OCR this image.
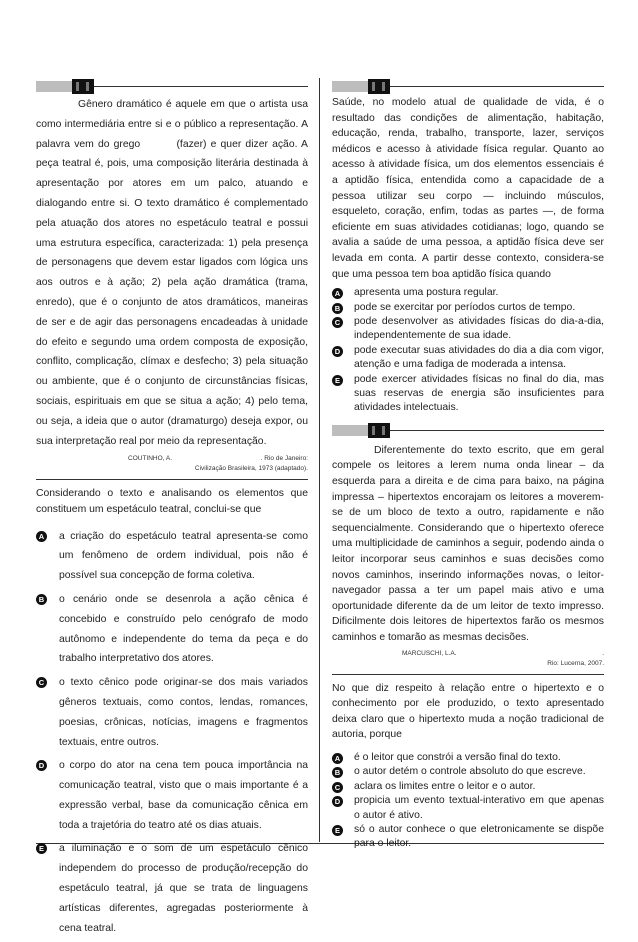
Gênero dramático é aquele em que o artista usa como intermediária entre si e o público a representação. A palavra vem do grego	(fazer) e quer dizer ação. A peça teatral é, pois, uma composição literária destinada à apresentação por atores em um palco, atuando e dialogando entre si. O texto dramático é complementado pela atuação dos atores no espetáculo teatral e possui uma estrutura específica, caracterizada: 1) pela presença de personagens que devem estar ligados com lógica uns aos outros e à ação; 2) pela ação dramática (trama, enredo), que é o conjunto de atos dramáticos, maneiras de ser e de agir das personagens encadeadas à unidade do efeito e segundo uma ordem composta de exposição, conflito, complicação, clímax e desfecho; 3) pela situação ou ambiente, que é o conjunto de circunstâncias físicas, sociais, espirituais em que se situa a ação; 4) pelo tema, ou seja, a ideia que o autor (dramaturgo) deseja expor, ou sua interpretação real por meio da representação.

COUTINHO, A.	. Rio de Janeiro:
Civilização Brasileira, 1973 (adaptado).

Considerando o texto e analisando os elementos que constituem um espetáculo teatral, conclui-se que

A a criação do espetáculo teatral apresenta-se como um fenômeno de ordem individual, pois não é possível sua concepção de forma coletiva.
B o cenário onde se desenrola a ação cênica é concebido e construído pelo cenógrafo de modo autônomo e independente do tema da peça e do trabalho interpretativo dos atores.
C o texto cênico pode originar-se dos mais variados gêneros textuais, como contos, lendas, romances, poesias, crônicas, notícias, imagens e fragmentos textuais, entre outros.
D o corpo do ator na cena tem pouca importância na comunicação teatral, visto que o mais importante é a expressão verbal, base da comunicação cênica em toda a trajetória do teatro até os dias atuais.
E a iluminação e o som de um espetáculo cênico independem do processo de produção/recepção do espetáculo teatral, já que se trata de linguagens artísticas diferentes, agregadas posteriormente à cena teatral.

Saúde, no modelo atual de qualidade de vida, é o resultado das condições de alimentação, habitação, educação, renda, trabalho, transporte, lazer, serviços médicos e acesso à atividade física regular. Quanto ao acesso à atividade física, um dos elementos essenciais é a aptidão física, entendida como a capacidade de a pessoa utilizar seu corpo — incluindo músculos, esqueleto, coração, enfim, todas as partes —, de forma eficiente em suas atividades cotidianas; logo, quando se avalia a saúde de uma pessoa, a aptidão física deve ser levada em conta. A partir desse contexto, considera-se que uma pessoa tem boa aptidão física quando

A apresenta uma postura regular.
B pode se exercitar por períodos curtos de tempo.
C pode desenvolver as atividades físicas do dia-a-dia, independentemente de sua idade.
D pode executar suas atividades do dia a dia com vigor, atenção e uma fadiga de moderada a intensa.
E pode exercer atividades físicas no final do dia, mas suas reservas de energia são insuficientes para atividades intelectuais.

Diferentemente do texto escrito, que em geral compele os leitores a lerem numa onda linear – da esquerda para a direita e de cima para baixo, na página impressa – hipertextos encorajam os leitores a moverem-se de um bloco de texto a outro, rapidamente e não sequencialmente. Considerando que o hipertexto oferece uma multiplicidade de caminhos a seguir, podendo ainda o leitor incorporar seus caminhos e suas decisões como novos caminhos, inserindo informações novas, o leitor-navegador passa a ter um papel mais ativo e uma oportunidade diferente da de um leitor de texto impresso. Dificilmente dois leitores de hipertextos farão os mesmos caminhos e tomarão as mesmas decisões.

MARCUSCHI, L.A.	.
Rio: Lucerna, 2007.

No que diz respeito à relação entre o hipertexto e o conhecimento por ele produzido, o texto apresentado deixa claro que o hipertexto muda a noção tradicional de autoria, porque

A é o leitor que constrói a versão final do texto.
B o autor detém o controle absoluto do que escreve.
C aclara os limites entre o leitor e o autor.
D propicia um evento textual-interativo em que apenas o autor é ativo.
E só o autor conhece o que eletronicamente se dispõe para o leitor.
